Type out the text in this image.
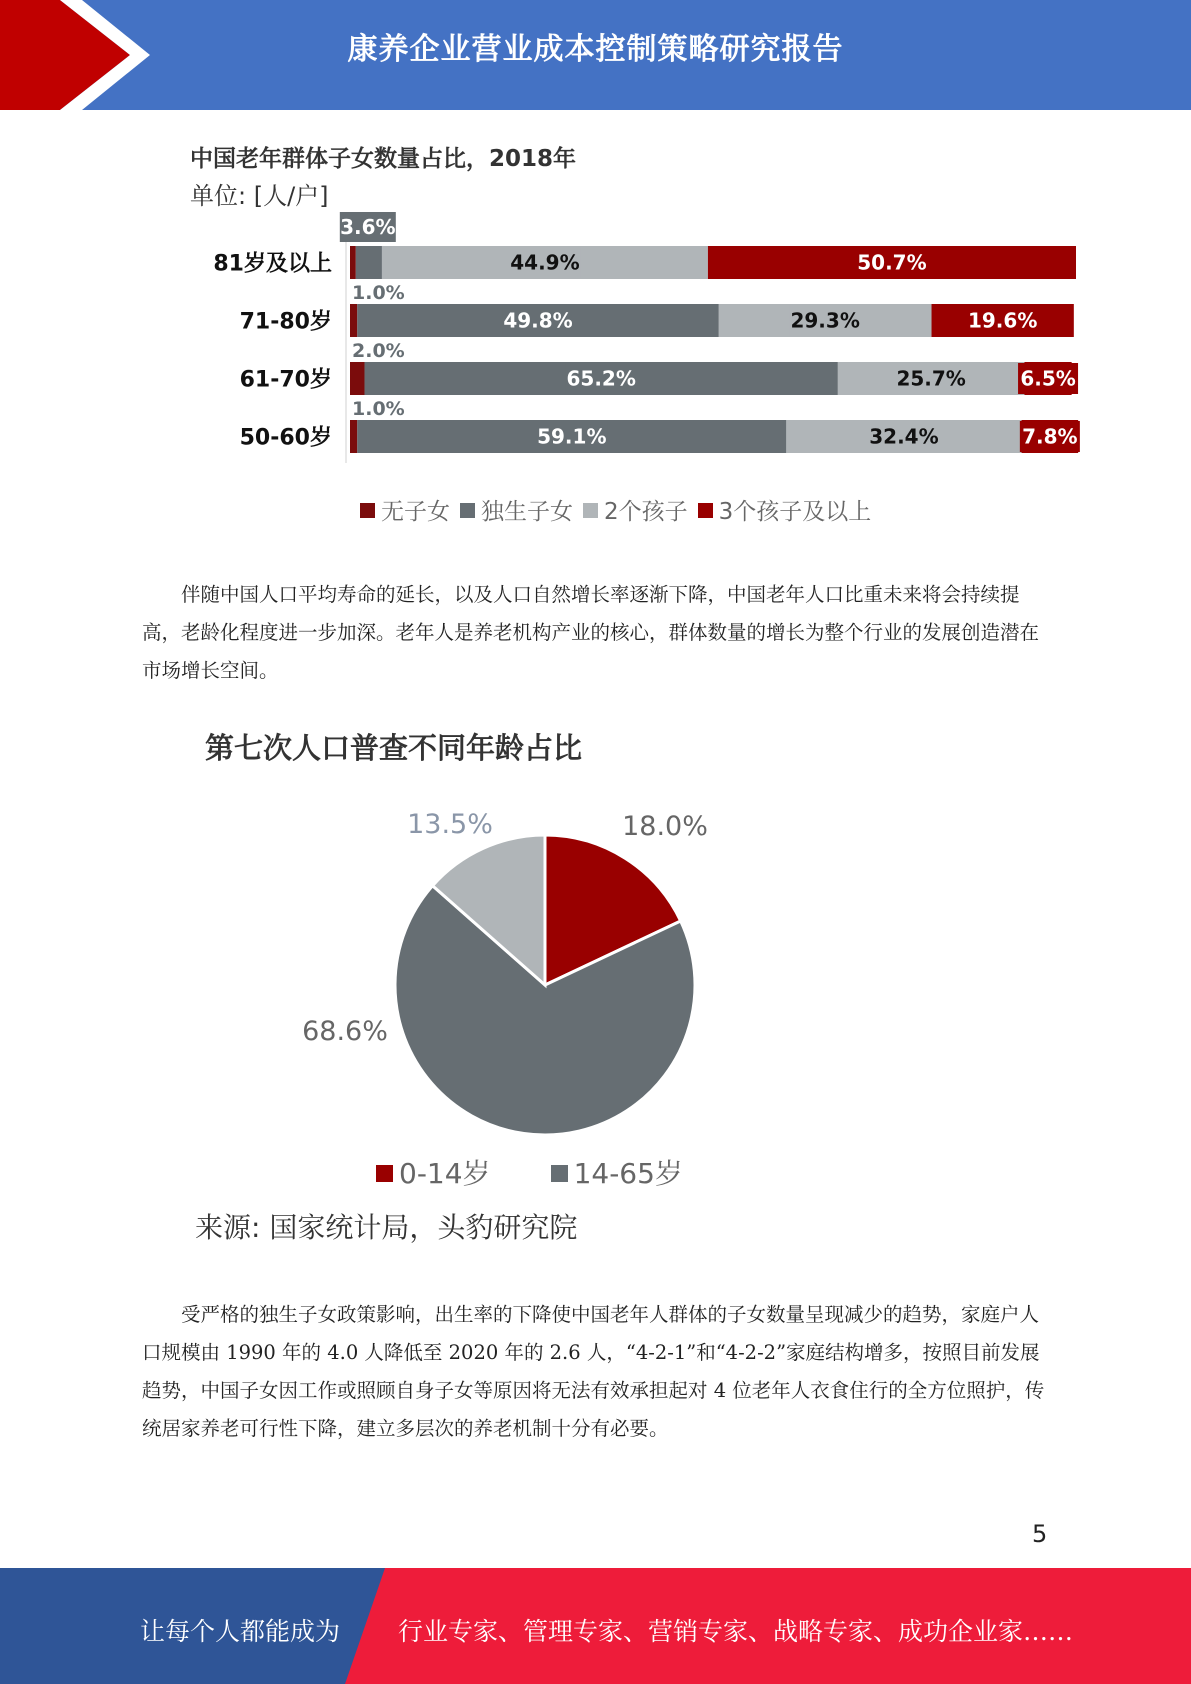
康养企业营业成本控制策略研究报告
中国老年群体子女数量占比，2018年
单位: [人/户]
81岁及以上
3.6%
44.9%	50.7%
71-80岁
1.0%
49.8%	29.3%	19.6%
61-70岁
2.0%
65.2%	25.7%	6.5%
50-60岁
1.0%
59.1%	32.4%	7.8%
无子女 独生子女 2个孩子 3个孩子及以上

伴随中国人口平均寿命的延长，以及人口自然增长率逐渐下降，中国老年人口比重未来将会持续提高，老龄化程度进一步加深。老年人是养老机构产业的核心，群体数量的增长为整个行业的发展创造潜在市场增长空间。

第七次人口普查不同年龄占比
18.0%
68.6%
13.5%
0-14岁	14-65岁
来源: 国家统计局，头豹研究院

受严格的独生子女政策影响，出生率的下降使中国老年人群体的子女数量呈现减少的趋势，家庭户人口规模由 1990 年的 4.0 人降低至 2020 年的 2.6 人，“4-2-1”和“4-2-2”家庭结构增多，按照目前发展趋势，中国子女因工作或照顾自身子女等原因将无法有效承担起对 4 位老年人衣食住行的全方位照护，传统居家养老可行性下降，建立多层次的养老机制十分有必要。

5
让每个人都能成为 行业专家、管理专家、营销专家、战略专家、成功企业家……
